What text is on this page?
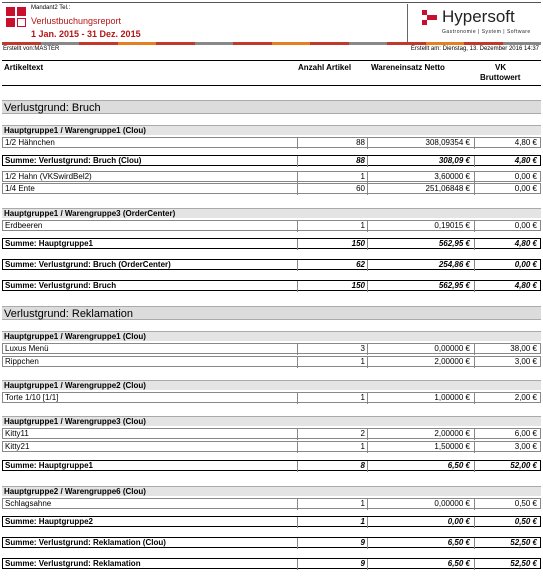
Mandant2 Tel.:
Verlustbuchungsreport
1 Jan. 2015 - 31 Dez. 2015
Hypersoft
Gastronomie | System | Software
Erstellt von:MASTER	Erstellt am: Dienstag, 13. Dezember 2016 14:37
Artikeltext	Anzahl Artikel Wareneinsatz Netto	VK
Bruttowert
Verlustgrund: Bruch
Hauptgruppe1 / Warengruppe1 (Clou)
1/2 Hähnchen	88	308,09354 €	4,80 €
Summe: Verlustgrund: Bruch (Clou)	88	308,09 €	4,80 €
1/2 Hahn (VKSwirdBel2)	1	3,60000 €	0,00 €
1/4 Ente	60	251,06848 €	0,00 €
Hauptgruppe1 / Warengruppe3 (OrderCenter)
Erdbeeren	1	0,19015 €	0,00 €
Summe: Hauptgruppe1	150	562,95 €	4,80 €
Summe: Verlustgrund: Bruch (OrderCenter)	62	254,86 €	0,00 €
Summe: Verlustgrund: Bruch	150	562,95 €	4,80 €
Verlustgrund: Reklamation
Hauptgruppe1 / Warengruppe1 (Clou)
Luxus Menü	3	0,00000 €	38,00 €
Rippchen	1	2,00000 €	3,00 €
Hauptgruppe1 / Warengruppe2 (Clou)
Torte 1/10 [1/1]	1	1,00000 €	2,00 €
Hauptgruppe1 / Warengruppe3 (Clou)
Kitty11	2	2,00000 €	6,00 €
Kitty21	1	1,50000 €	3,00 €
Summe: Hauptgruppe1	8	6,50 €	52,00 €
Hauptgruppe2 / Warengruppe6 (Clou)
Schlagsahne	1	0,00000 €	0,50 €
Summe: Hauptgruppe2	1	0,00 €	0,50 €
Summe: Verlustgrund: Reklamation (Clou)	9	6,50 €	52,50 €
Summe: Verlustgrund: Reklamation	9	6,50 €	52,50 €
